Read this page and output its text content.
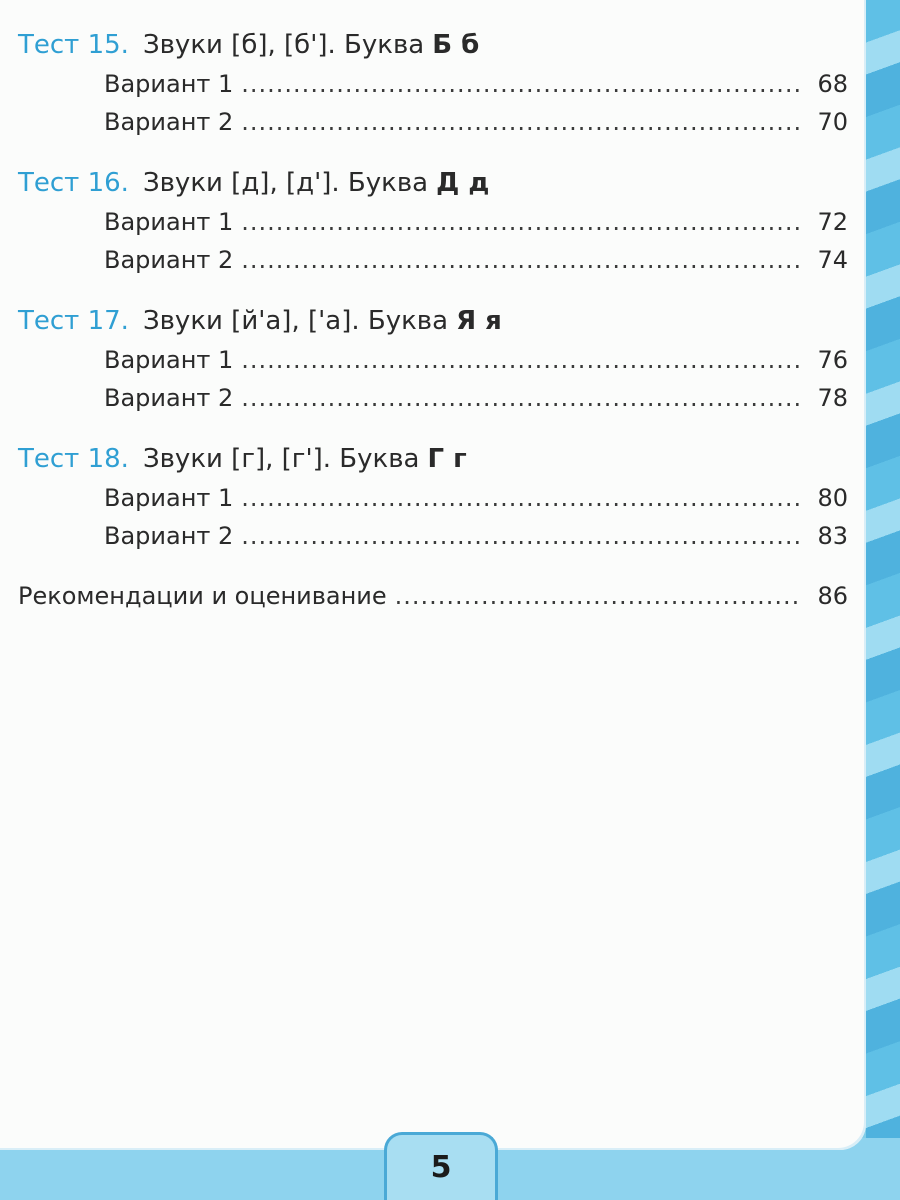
Тест 15. Звуки [б], [б']. Буква Б б
Вариант 1 .....	68
Вариант 2 .....	70
Тест 16. Звуки [д], [д']. Буква Д д
Вариант 1 .....	72
Вариант 2 .....	74
Тест 17. Звуки [й'а], ['а]. Буква Я я
Вариант 1 .....	76
Вариант 2 .....	78
Тест 18. Звуки [г], [г']. Буква Г г
Вариант 1 .....	80
Вариант 2 .....	83
Рекомендации и оценивание .....	86
5
